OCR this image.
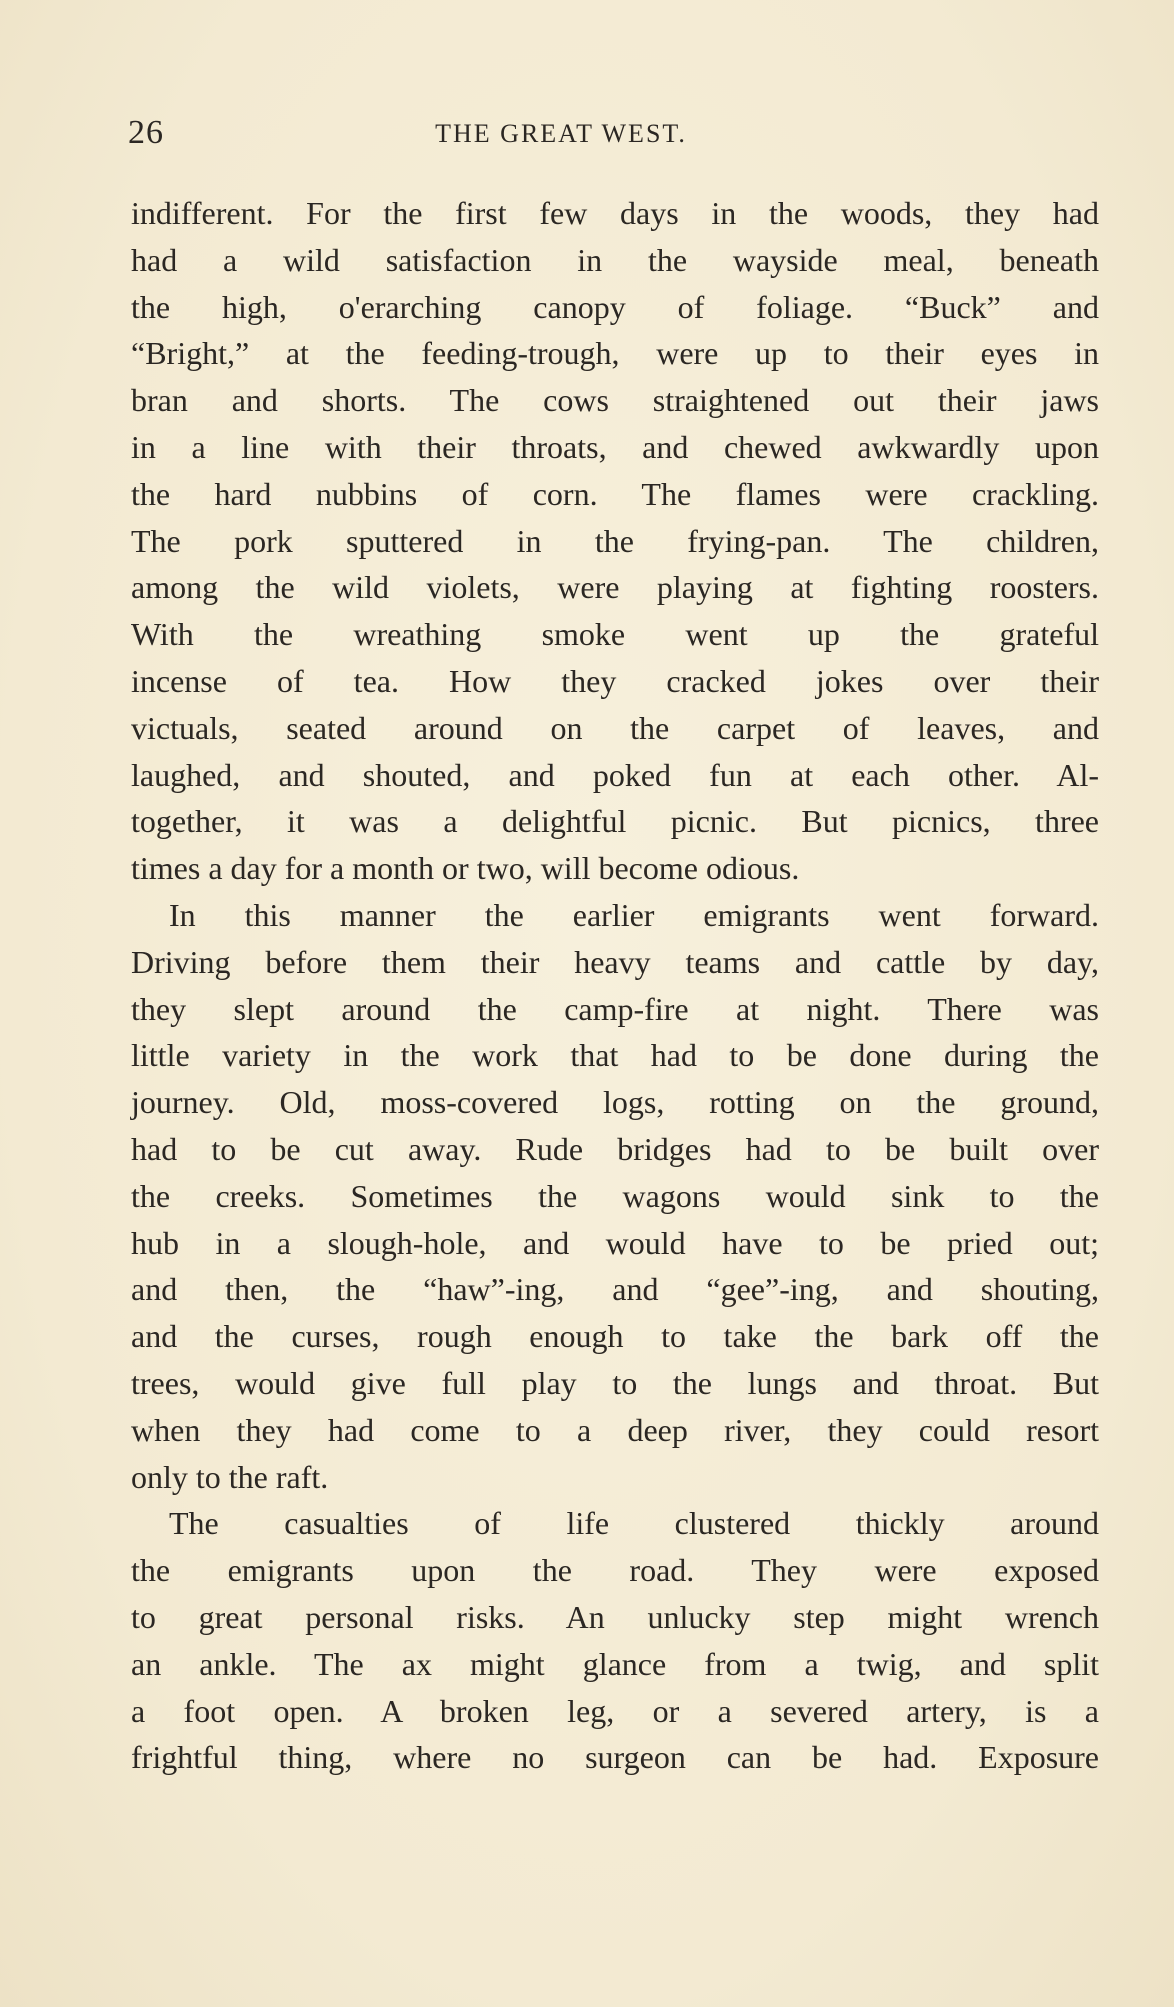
26	THE GREAT WEST.
indifferent. For the first few days in the woods, they had
had a wild satisfaction in the wayside meal, beneath
the high, o'erarching canopy of foliage. “Buck” and
“Bright,” at the feeding-trough, were up to their eyes in
bran and shorts. The cows straightened out their jaws
in a line with their throats, and chewed awkwardly upon
the hard nubbins of corn. The flames were crackling.
The pork sputtered in the frying-pan. The children,
among the wild violets, were playing at fighting roosters.
With the wreathing smoke went up the grateful
incense of tea. How they cracked jokes over their
victuals, seated around on the carpet of leaves, and
laughed, and shouted, and poked fun at each other. Al-
together, it was a delightful picnic. But picnics, three
times a day for a month or two, will become odious.
In this manner the earlier emigrants went forward.
Driving before them their heavy teams and cattle by day,
they slept around the camp-fire at night. There was
little variety in the work that had to be done during the
journey. Old, moss-covered logs, rotting on the ground,
had to be cut away. Rude bridges had to be built over
the creeks. Sometimes the wagons would sink to the
hub in a slough-hole, and would have to be pried out;
and then, the “haw”-ing, and “gee”-ing, and shouting,
and the curses, rough enough to take the bark off the
trees, would give full play to the lungs and throat. But
when they had come to a deep river, they could resort
only to the raft.
The casualties of life clustered thickly around
the emigrants upon the road. They were exposed
to great personal risks. An unlucky step might wrench
an ankle. The ax might glance from a twig, and split
a foot open. A broken leg, or a severed artery, is a
frightful thing, where no surgeon can be had. Exposure
